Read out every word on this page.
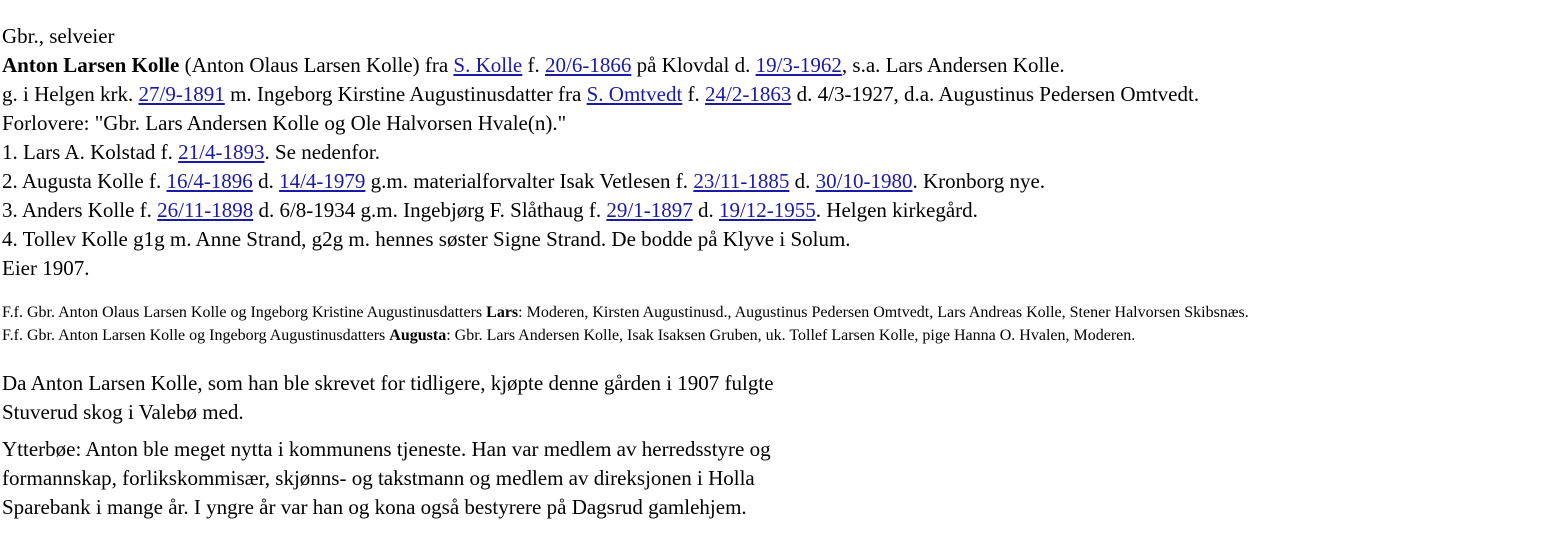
Gbr., selveier
Anton Larsen Kolle (Anton Olaus Larsen Kolle) fra S. Kolle f. 20/6-1866 på Klovdal d. 19/3-1962, s.a. Lars Andersen Kolle.
g. i Helgen krk. 27/9-1891 m. Ingeborg Kirstine Augustinusdatter fra S. Omtvedt f. 24/2-1863 d. 4/3-1927, d.a. Augustinus Pedersen Omtvedt.
Forlovere: "Gbr. Lars Andersen Kolle og Ole Halvorsen Hvale(n)."
1. Lars A. Kolstad f. 21/4-1893. Se nedenfor.
2. Augusta Kolle f. 16/4-1896 d. 14/4-1979 g.m. materialforvalter Isak Vetlesen f. 23/11-1885 d. 30/10-1980. Kronborg nye.
3. Anders Kolle f. 26/11-1898 d. 6/8-1934 g.m. Ingebjørg F. Slåthaug f. 29/1-1897 d. 19/12-1955. Helgen kirkegård.
4. Tollev Kolle g1g m. Anne Strand, g2g m. hennes søster Signe Strand. De bodde på Klyve i Solum.
Eier 1907.
F.f. Gbr. Anton Olaus Larsen Kolle og Ingeborg Kristine Augustinusdatters Lars: Moderen, Kirsten Augustinusd., Augustinus Pedersen Omtvedt, Lars Andreas Kolle, Stener Halvorsen Skibsnæs.
F.f. Gbr. Anton Larsen Kolle og Ingeborg Augustinusdatters Augusta: Gbr. Lars Andersen Kolle, Isak Isaksen Gruben, uk. Tollef Larsen Kolle, pige Hanna O. Hvalen, Moderen.
Da Anton Larsen Kolle, som han ble skrevet for tidligere, kjøpte denne gården i 1907 fulgte
Stuverud skog i Valebø med.
Ytterbøe: Anton ble meget nytta i kommunens tjeneste. Han var medlem av herredsstyre og
formannskap, forlikskommisær, skjønns- og takstmann og medlem av direksjonen i Holla
Sparebank i mange år. I yngre år var han og kona også bestyrere på Dagsrud gamlehjem.
